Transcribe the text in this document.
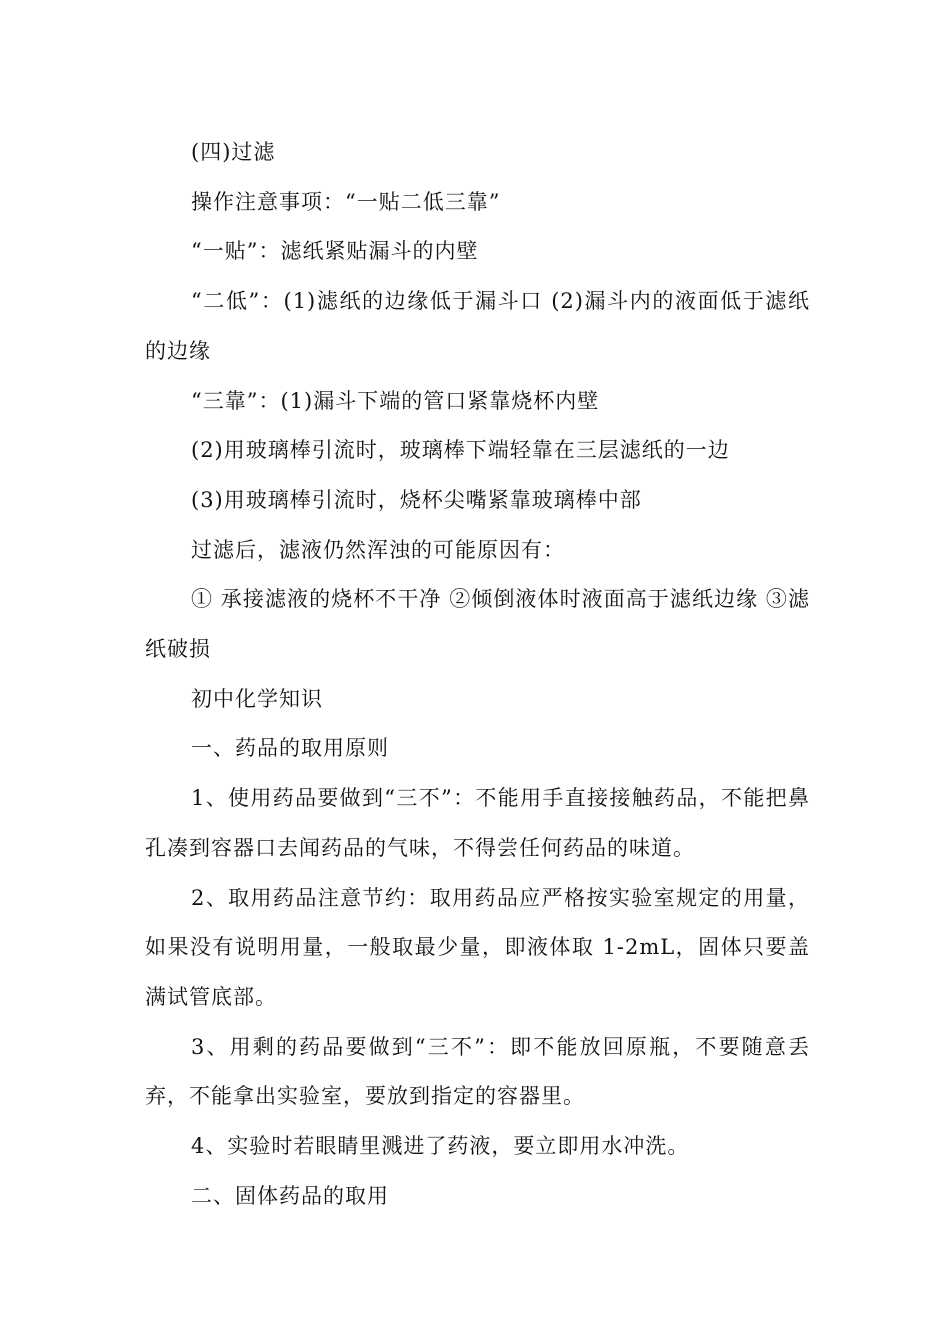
(四)过滤

操作注意事项：“一贴二低三靠”

“一贴”：滤纸紧贴漏斗的内壁

“二低”：(1)滤纸的边缘低于漏斗口 (2)漏斗内的液面低于滤纸的边缘

“三靠”：(1)漏斗下端的管口紧靠烧杯内壁

(2)用玻璃棒引流时，玻璃棒下端轻靠在三层滤纸的一边

(3)用玻璃棒引流时，烧杯尖嘴紧靠玻璃棒中部

过滤后，滤液仍然浑浊的可能原因有：

① 承接滤液的烧杯不干净 ②倾倒液体时液面高于滤纸边缘 ③滤纸破损

初中化学知识

一、药品的取用原则

1、使用药品要做到“三不”：不能用手直接接触药品，不能把鼻孔凑到容器口去闻药品的气味，不得尝任何药品的味道。

2、取用药品注意节约：取用药品应严格按实验室规定的用量，如果没有说明用量，一般取最少量，即液体取 1-2mL，固体只要盖满试管底部。

3、用剩的药品要做到“三不”：即不能放回原瓶，不要随意丢弃，不能拿出实验室，要放到指定的容器里。

4、实验时若眼睛里溅进了药液，要立即用水冲洗。

二、固体药品的取用
